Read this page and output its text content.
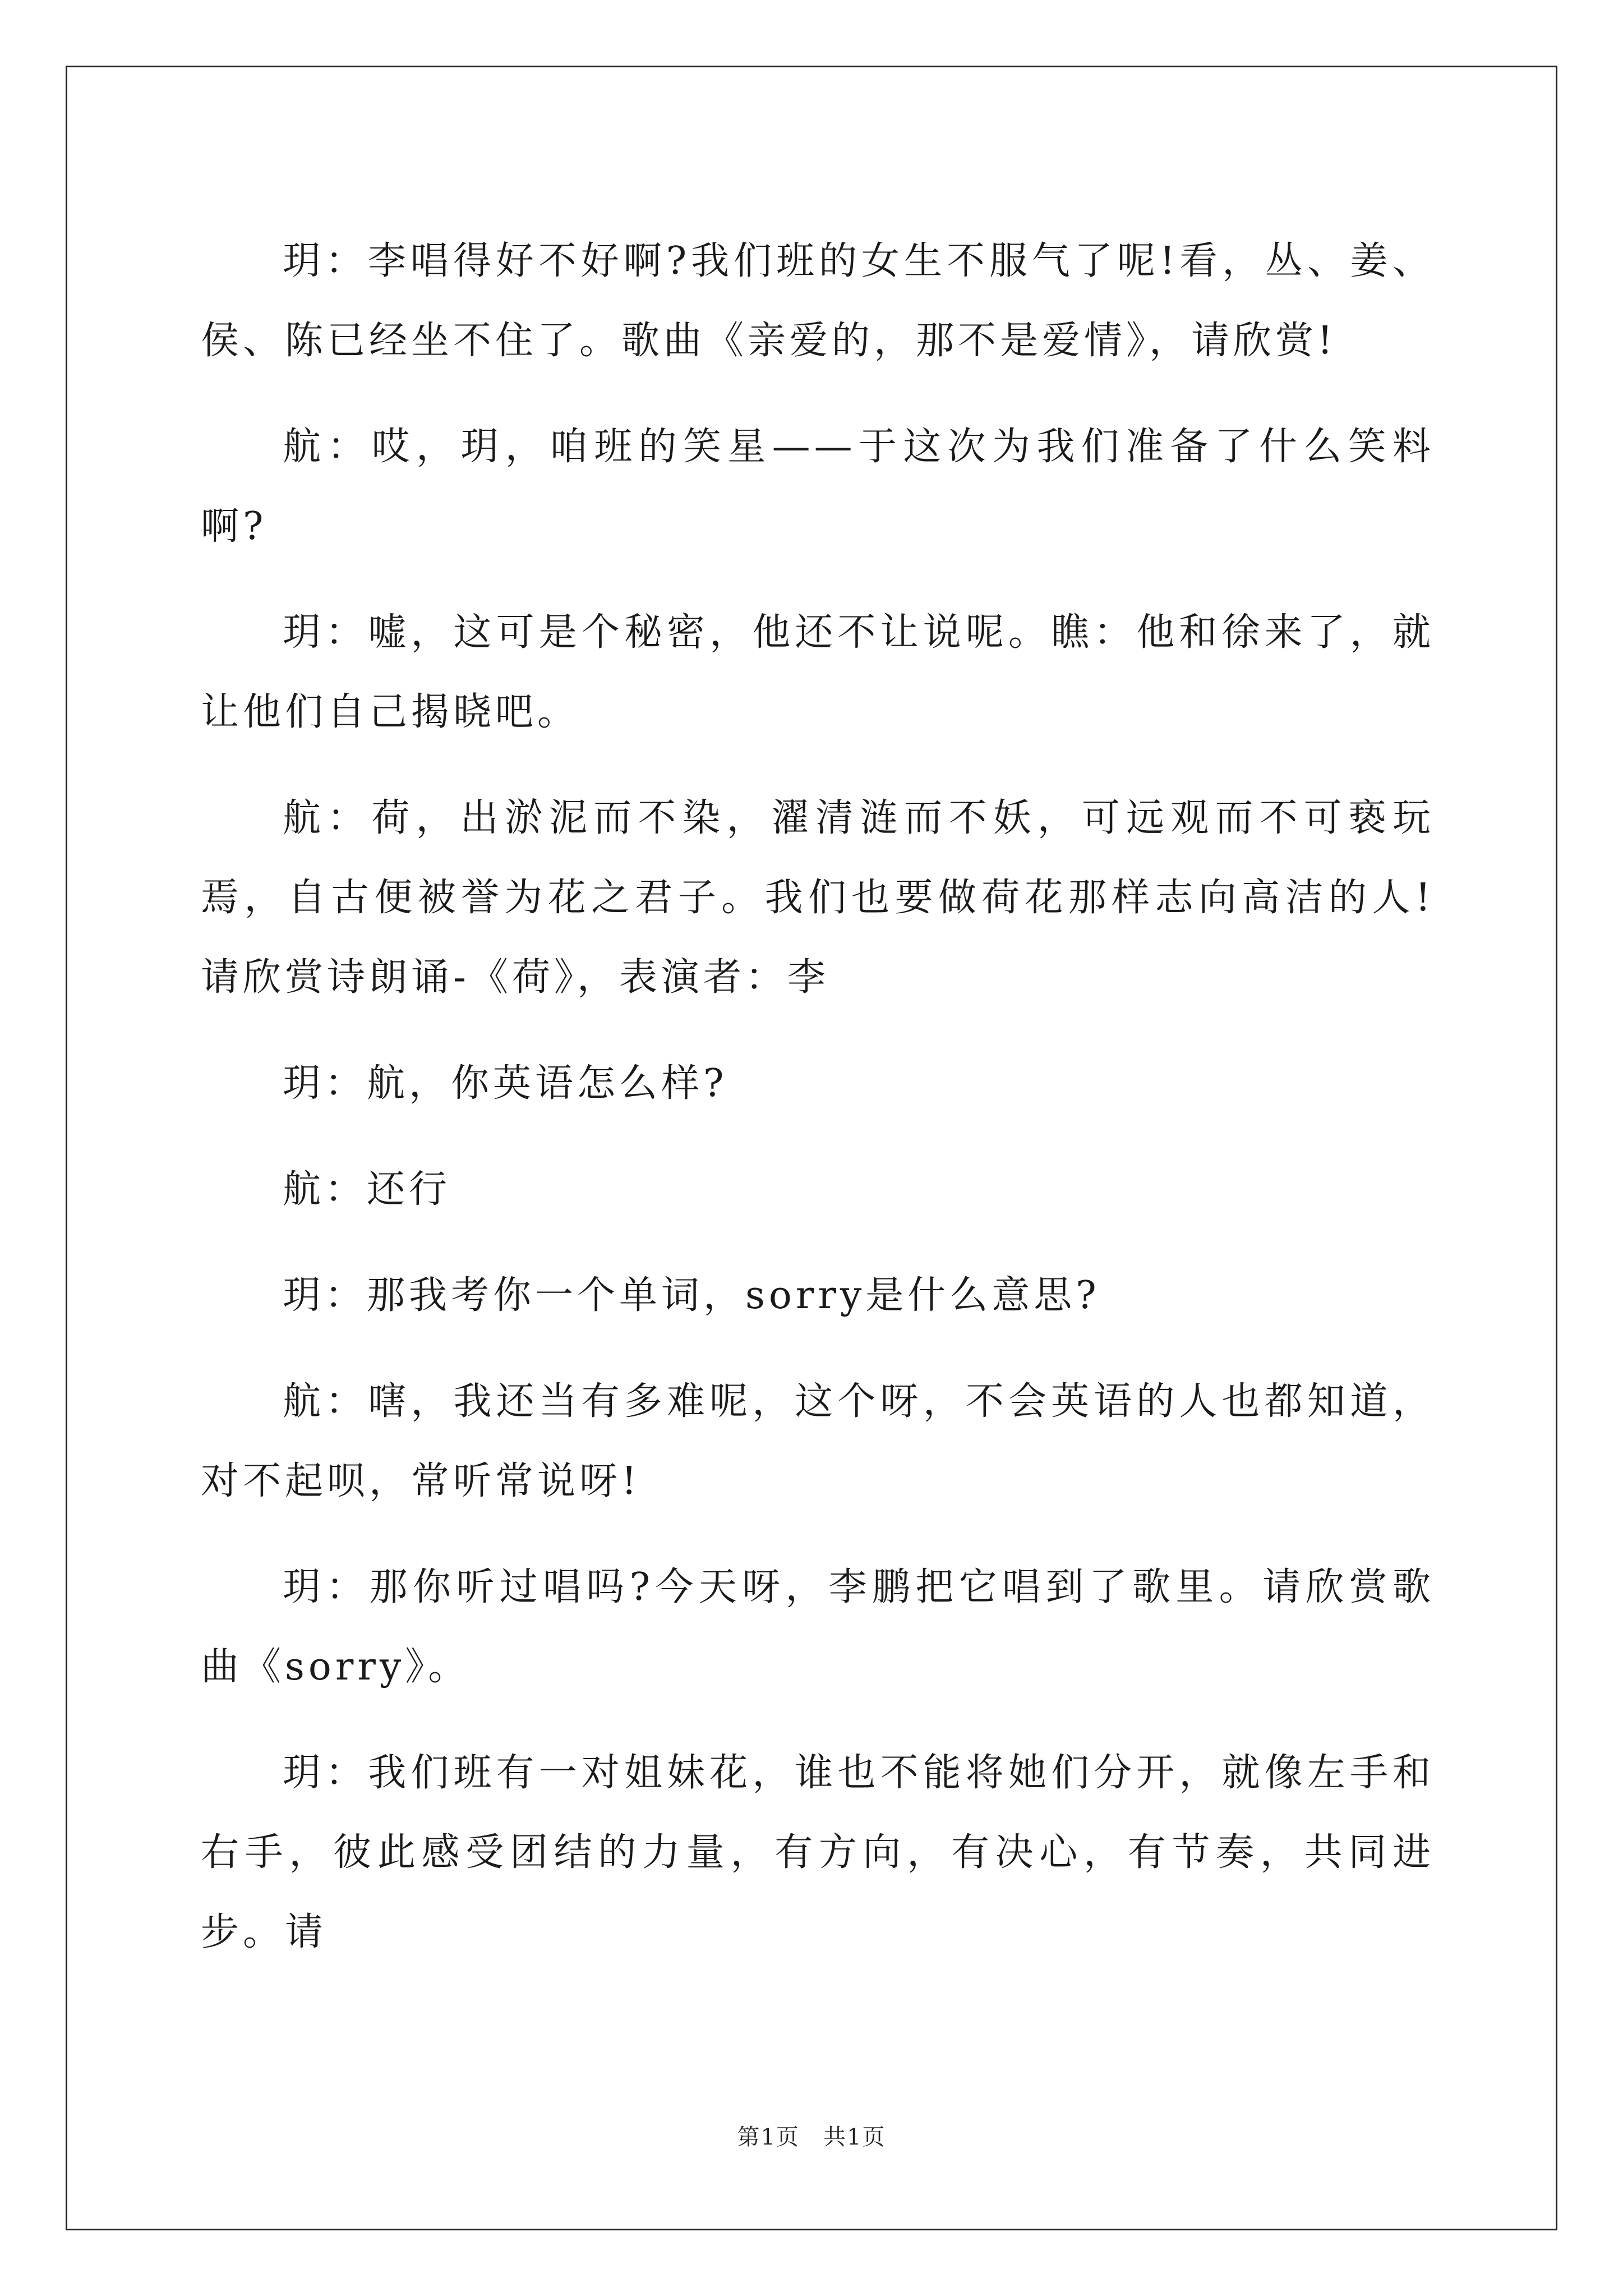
玥：李唱得好不好啊?我们班的女生不服气了呢!看，丛、姜、侯、陈已经坐不住了。歌曲《亲爱的，那不是爱情》，请欣赏!

航：哎，玥，咱班的笑星——于这次为我们准备了什么笑料啊?

玥：嘘，这可是个秘密，他还不让说呢。瞧：他和徐来了，就让他们自己揭晓吧。

航：荷，出淤泥而不染，濯清涟而不妖，可远观而不可亵玩焉，自古便被誉为花之君子。我们也要做荷花那样志向高洁的人!请欣赏诗朗诵-《荷》，表演者：李

玥：航，你英语怎么样?

航：还行

玥：那我考你一个单词，sorry是什么意思?

航：嗐，我还当有多难呢，这个呀，不会英语的人也都知道，对不起呗，常听常说呀!

玥：那你听过唱吗?今天呀，李鹏把它唱到了歌里。请欣赏歌曲《sorry》。

玥：我们班有一对姐妹花，谁也不能将她们分开，就像左手和右手，彼此感受团结的力量，有方向，有决心，有节奏，共同进步。请

第1页　共1页
